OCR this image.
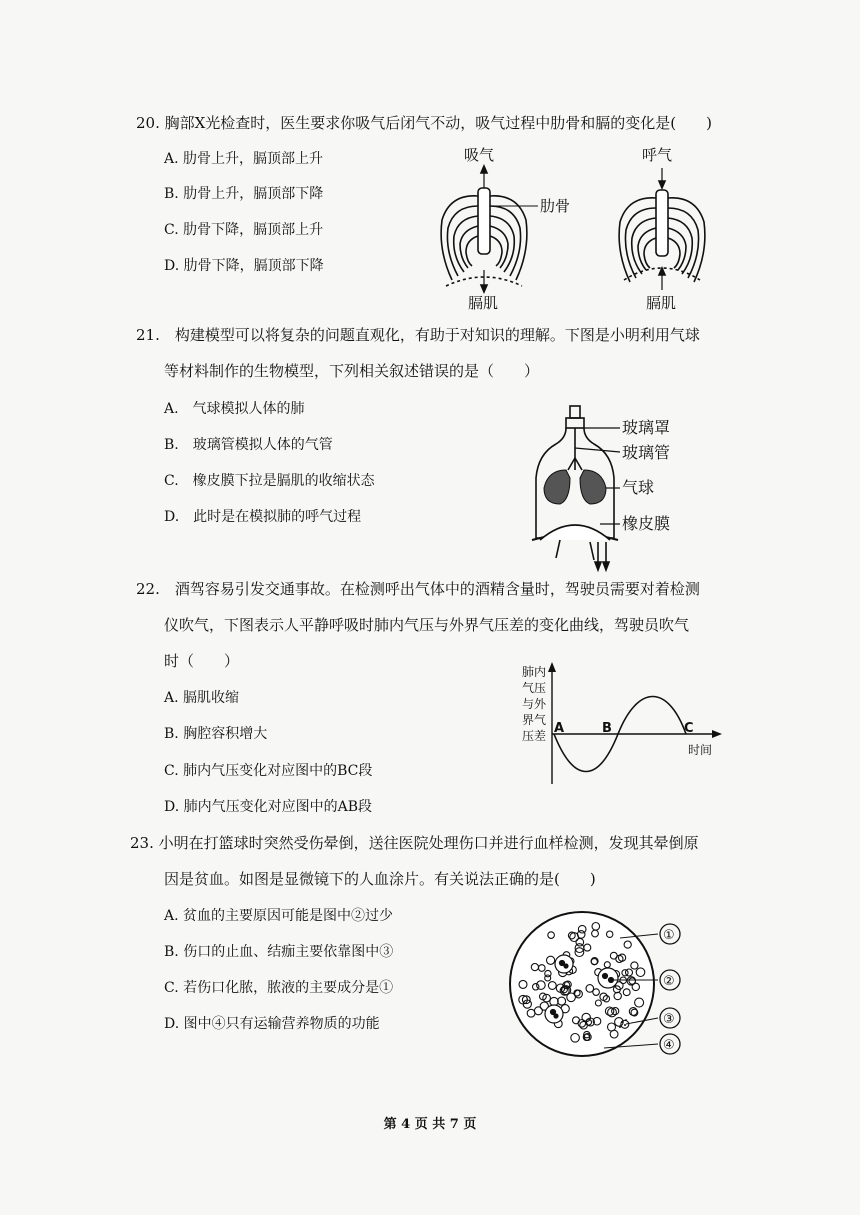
20. 胸部X光检查时，医生要求你吸气后闭气不动，吸气过程中肋骨和膈的变化是(　　)
A. 肋骨上升，膈顶部上升
B. 肋骨上升，膈顶部下降
C. 肋骨下降，膈顶部上升
D. 肋骨下降，膈顶部下降
吸气	呼气
肋骨
膈肌	膈肌
21.　构建模型可以将复杂的问题直观化，有助于对知识的理解。下图是小明利用气球
等材料制作的生物模型，下列相关叙述错误的是（　　）
A.　气球模拟人体的肺
B.　玻璃管模拟人体的气管
C.　橡皮膜下拉是膈肌的收缩状态
D.　此时是在模拟肺的呼气过程
玻璃罩
玻璃管
气球
橡皮膜
22.　酒驾容易引发交通事故。在检测呼出气体中的酒精含量时，驾驶员需要对着检测
仪吹气，下图表示人平静呼吸时肺内气压与外界气压差的变化曲线，驾驶员吹气
时（　　）
A. 膈肌收缩
B. 胸腔容积增大
C. 肺内气压变化对应图中的BC段
D. 肺内气压变化对应图中的AB段
肺内
气压
与外
界气
压差 A	B	C
时间
23. 小明在打篮球时突然受伤晕倒，送往医院处理伤口并进行血样检测，发现其晕倒原
因是贫血。如图是显微镜下的人血涂片。有关说法正确的是(　　)
A. 贫血的主要原因可能是图中②过少
B. 伤口的止血、结痂主要依靠图中③
C. 若伤口化脓，脓液的主要成分是①
D. 图中④只有运输营养物质的功能
①
②
③
④
第 4 页 共 7 页
